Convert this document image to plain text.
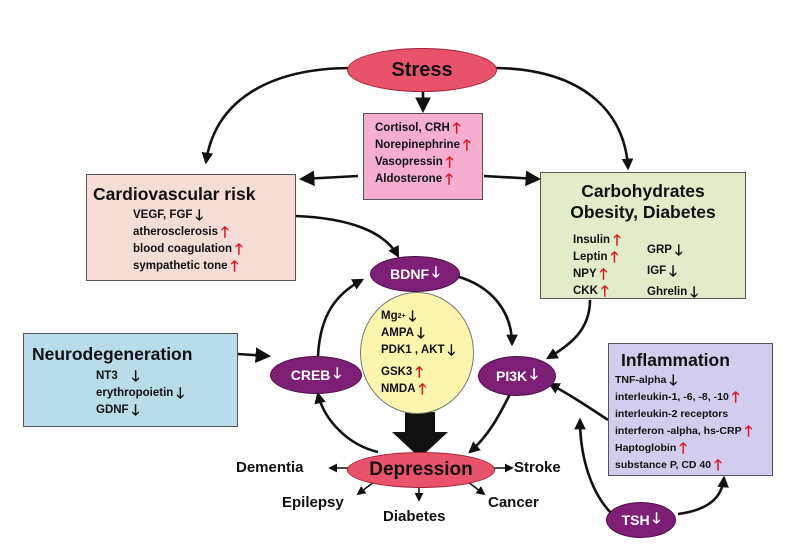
Stress
Cortisol, CRH 🡑
Norepinephrine 🡑
Vasopressin 🡑
Aldosterone 🡑
Cardiovascular risk
VEGF, FGF 🡓
atherosclerosis 🡑
blood coagulation 🡑
sympathetic tone 🡑
Carbohydrates
Obesity, Diabetes
Insulin 🡑
Leptin 🡑
NPY 🡑
CKK 🡑
GRP 🡓
IGF 🡓
Ghrelin 🡓
Neurodegeneration
NT3 🡓
erythropoietin 🡓
GDNF 🡓
Inflammation
TNF-alpha 🡓
interleukin-1, -6, -8, -10 🡑
interleukin-2 receptors
interferon -alpha, hs-CRP 🡑
Haptoglobin 🡑
substance P, CD 40 🡑
Mg 2+ 🡓
AMPA 🡓
PDK1 , AKT 🡓
GSK3 🡑
NMDA 🡑
BDNF 🡓
CREB 🡓	PI3K 🡓
TSH 🡓
Depression
Dementia	Stroke
Epilepsy
Diabetes
Cancer
